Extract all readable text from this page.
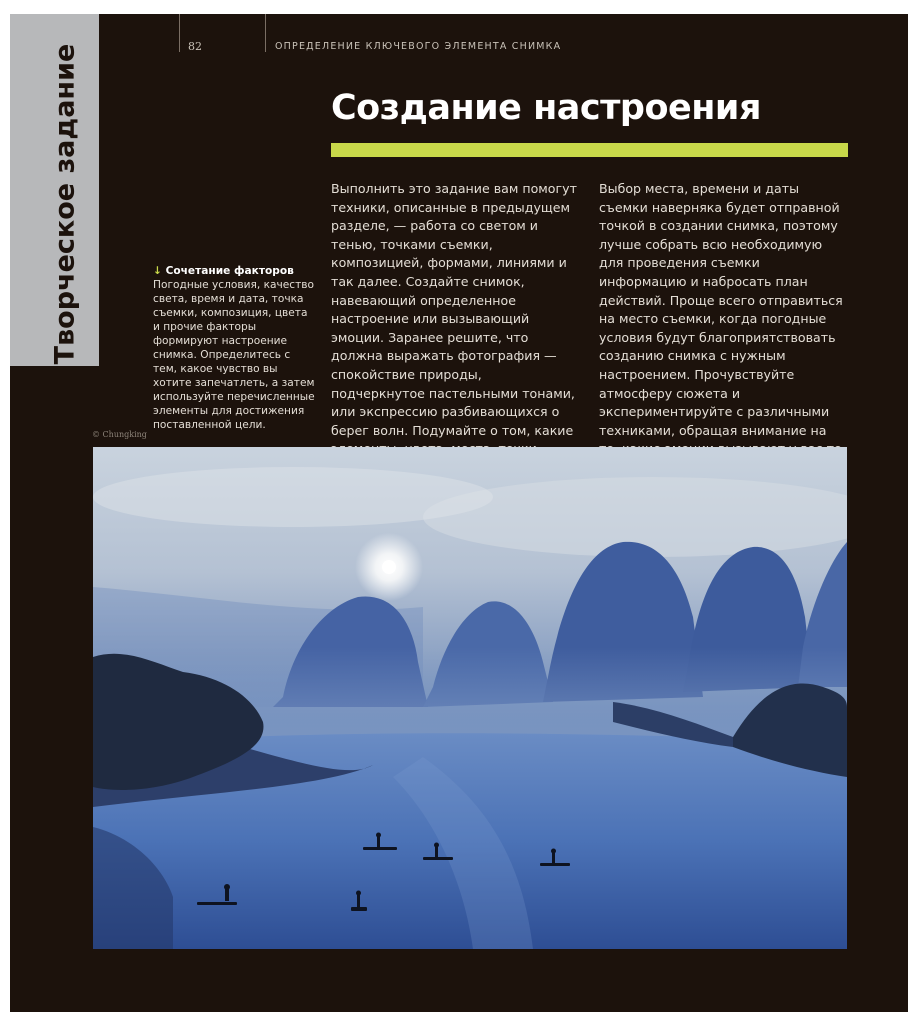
Творческое задание	82	ОПРЕДЕЛЕНИЕ КЛЮЧЕВОГО ЭЛЕМЕНТА СНИМКА
Создание настроения
↓ Сочетание факторов
Погодные условия, качество света, время и дата, точка съемки, композиция, цвета и прочие факторы формируют настроение снимка. Определитесь с тем, какое чувство вы хотите запечатлеть, а затем используйте перечисленные элементы для достижения поставленной цели.
Выполнить это задание вам помогут техники, описанные в предыдущем разделе, — работа со светом и тенью, точками съемки, композицией, формами, линиями и так далее. Создайте снимок, навевающий определенное настроение или вызывающий эмоции. Заранее решите, что должна выражать фотография — спокойствие природы, подчеркнутое пастельными тонами, или экспрессию разбивающихся о берег волн. Подумайте о том, какие
Выбор места, времени и даты съемки наверняка будет отправной точкой в создании снимка, поэтому лучше собрать всю необходимую для проведения съемки информацию и набросать план действий. Проще всего отправиться на место съемки, когда погодные условия будут благоприятствовать созданию снимка с нужным настроением. Прочувствуйте атмосферу сюжета и экспериментируйте с различными техниками, обращая внимание на
© Chungking
